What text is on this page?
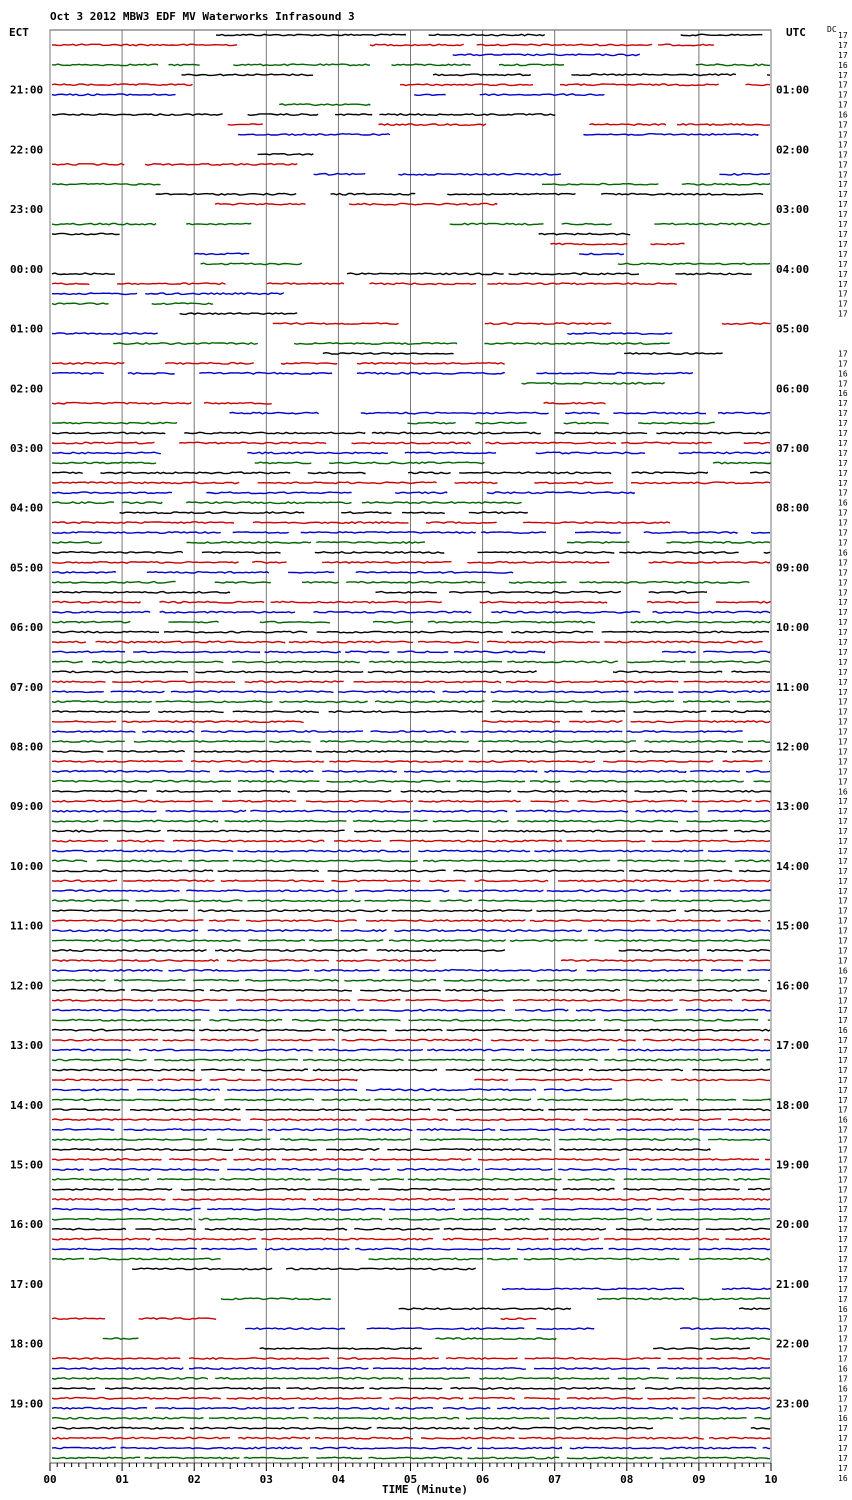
Oct 3 2012 MBW3 EDF MV Waterworks Infrasound 3
ECT	UTC	DC
TIME (Minute)
21:00
22:00
23:00
00:00
01:00
02:00
03:00
04:00
05:00
06:00
07:00
08:00
09:00
10:00
11:00
12:00
13:00
14:00
15:00
16:00
17:00
18:00
19:00
01:00
02:00
03:00
04:00
05:00
06:00
07:00
08:00
09:00
10:00
11:00
12:00
13:00
14:00
15:00
16:00
17:00
18:00
19:00
20:00
21:00
22:00
23:00
17
17
17
16
17
17
17
17
16
17
17
17
17
17
17
17
17
17
17
17
17
17
17
17
17
17
17
17
17
17
17
16
17
16
17
17
17
17
17
17
17
17
17
17
16
17
17
17
17
16
17
17
17
17
17
17
17
17
17
17
17
17
17
17
17
17
17
17
17
17
17
17
17
16
17
17
17
17
17
17
17
17
17
17
17
17
17
17
17
17
17
16
17
17
17
17
17
16
17
17
17
17
17
17
17
17
16
17
17
17
17
17
17
17
17
17
17
17
17
17
17
17
17
17
17
16
17
17
17
17
17
16
17
16
17
17
16
17
17
17
17
17
16
00	01	02	03	04	05	06	07	08	09	10
